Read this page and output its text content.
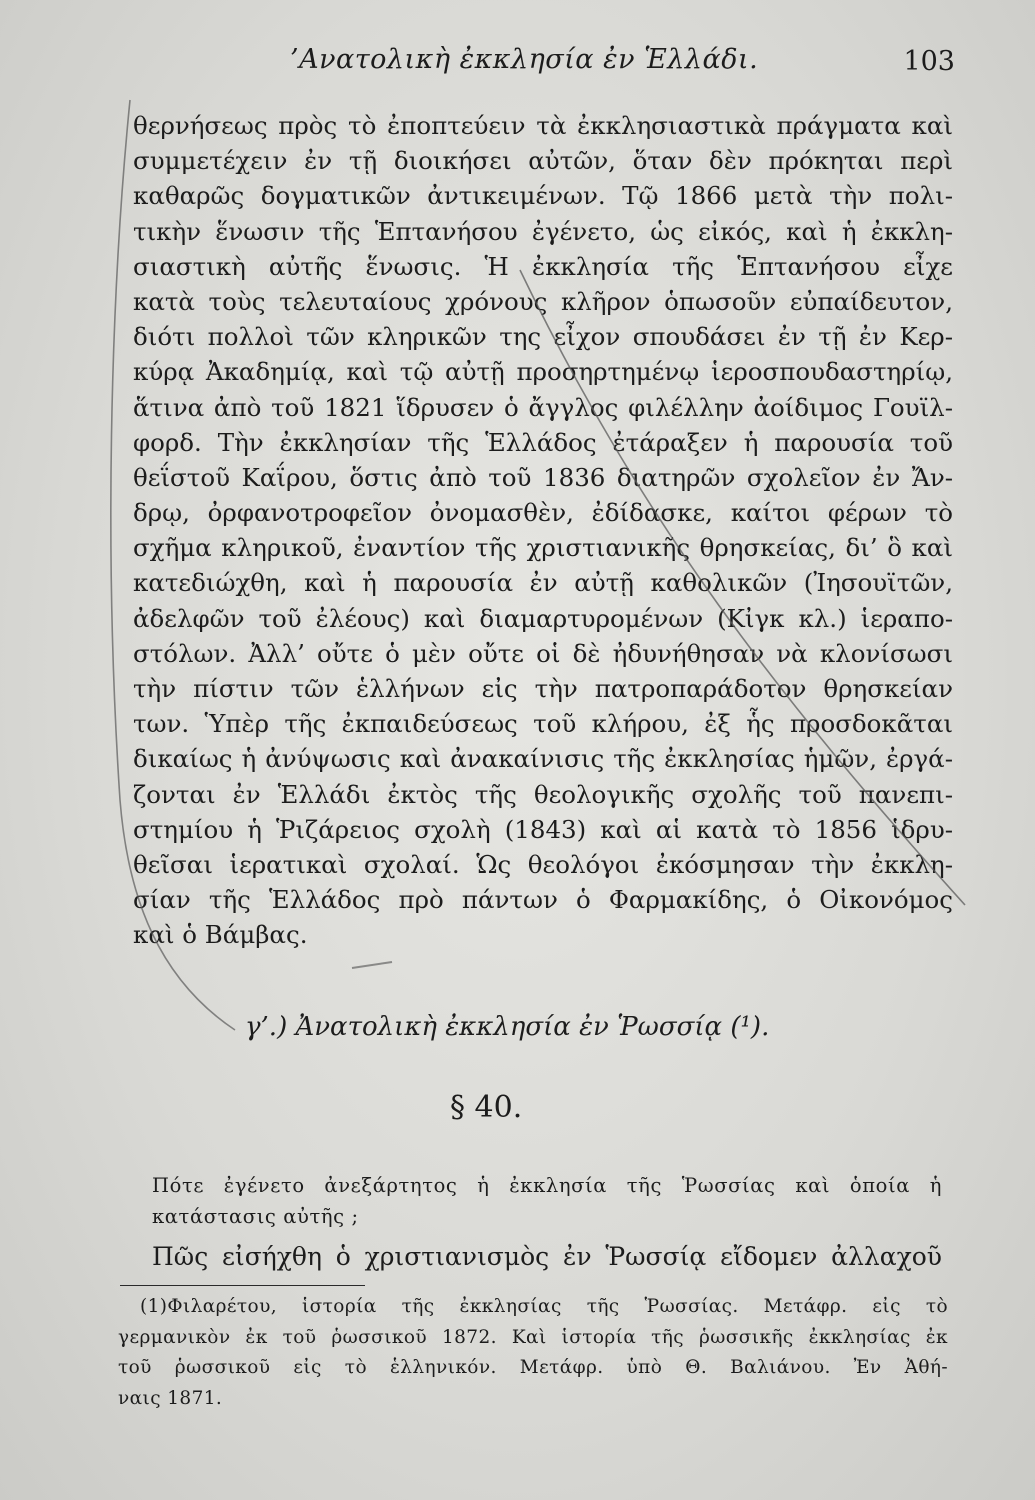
’Ανατολικὴ ἐκκλησία ἐν Ἑλλάδι.	103
θερνήσεως πρὸς τὸ ἐποπτεύειν τὰ ἐκκλησιαστικὰ πράγματα καὶ
συμμετέχειν ἐν τῇ διοικήσει αὐτῶν, ὅταν δὲν πρόκηται περὶ
καθαρῶς δογματικῶν ἀντικειμένων. Τῷ 1866 μετὰ τὴν πολι-
τικὴν ἕνωσιν τῆς Ἑπτανήσου ἐγένετο, ὡς εἰκός, καὶ ἡ ἐκκλη-
σιαστικὴ αὐτῆς ἕνωσις. Ἡ ἐκκλησία τῆς Ἑπτανήσου εἶχε
κατὰ τοὺς τελευταίους χρόνους κλῆρον ὁπωσοῦν εὐπαίδευτον,
διότι πολλοὶ τῶν κληρικῶν της εἶχον σπουδάσει ἐν τῇ ἐν Κερ-
κύρᾳ Ἀκαδημίᾳ, καὶ τῷ αὐτῇ προσηρτημένῳ ἱεροσπουδαστηρίῳ,
ἅτινα ἀπὸ τοῦ 1821 ἵδρυσεν ὁ ἄγγλος φιλέλλην ἀοίδιμος Γουϊλ-
φορδ. Τὴν ἐκκλησίαν τῆς Ἑλλάδος ἐτάραξεν ἡ παρουσία τοῦ
θεΐστοῦ Καΐρου, ὅστις ἀπὸ τοῦ 1836 διατηρῶν σχολεῖον ἐν Ἄν-
δρῳ, ὀρφανοτροφεῖον ὀνομασθὲν, ἐδίδασκε, καίτοι φέρων τὸ
σχῆμα κληρικοῦ, ἐναντίον τῆς χριστιανικῆς θρησκείας, δι’ ὃ καὶ
κατεδιώχθη, καὶ ἡ παρουσία ἐν αὐτῇ καθολικῶν (Ἰησουϊτῶν,
ἀδελφῶν τοῦ ἐλέους) καὶ διαμαρτυρομένων (Κἰγκ κλ.) ἱεραπο-
στόλων. Ἀλλ’ οὔτε ὁ μὲν οὔτε οἱ δὲ ἠδυνήθησαν νὰ κλονίσωσι
τὴν πίστιν τῶν ἑλλήνων εἰς τὴν πατροπαράδοτον θρησκείαν
των. Ὑπὲρ τῆς ἐκπαιδεύσεως τοῦ κλήρου, ἐξ ἧς προσδοκᾶται
δικαίως ἡ ἀνύψωσις καὶ ἀνακαίνισις τῆς ἐκκλησίας ἡμῶν, ἐργά-
ζονται ἐν Ἑλλάδι ἐκτὸς τῆς θεολογικῆς σχολῆς τοῦ πανεπι-
στημίου ἡ Ῥιζάρειος σχολὴ (1843) καὶ αἱ κατὰ τὸ 1856 ἱδρυ-
θεῖσαι ἱερατικαὶ σχολαί. Ὡς θεολόγοι ἐκόσμησαν τὴν ἐκκλη-
σίαν τῆς Ἑλλάδος πρὸ πάντων ὁ Φαρμακίδης, ὁ Οἰκονόμος
καὶ ὁ Βάμβας.
γ’.) Ἀνατολικὴ ἐκκλησία ἐν Ῥωσσίᾳ (¹).
§ 40.
Πότε ἐγένετο ἀνεξάρτητος ἡ ἐκκλησία τῆς Ῥωσσίας καὶ ὁποία ἡ
κατάστασις αὐτῆς ;
Πῶς εἰσήχθη ὁ χριστιανισμὸς ἐν Ῥωσσίᾳ εἴδομεν ἀλλαχοῦ
(1)Φιλαρέτου, ἱστορία τῆς ἐκκλησίας τῆς Ῥωσσίας. Μετάφρ. εἰς τὸ
γερμανικὸν ἐκ τοῦ ῥωσσικοῦ 1872. Καὶ ἱστορία τῆς ῥωσσικῆς ἐκκλησίας ἐκ
τοῦ ῥωσσικοῦ εἰς τὸ ἑλληνικόν. Μετάφρ. ὑπὸ Θ. Βαλιάνου. Ἐν Ἀθή-
ναις 1871.
